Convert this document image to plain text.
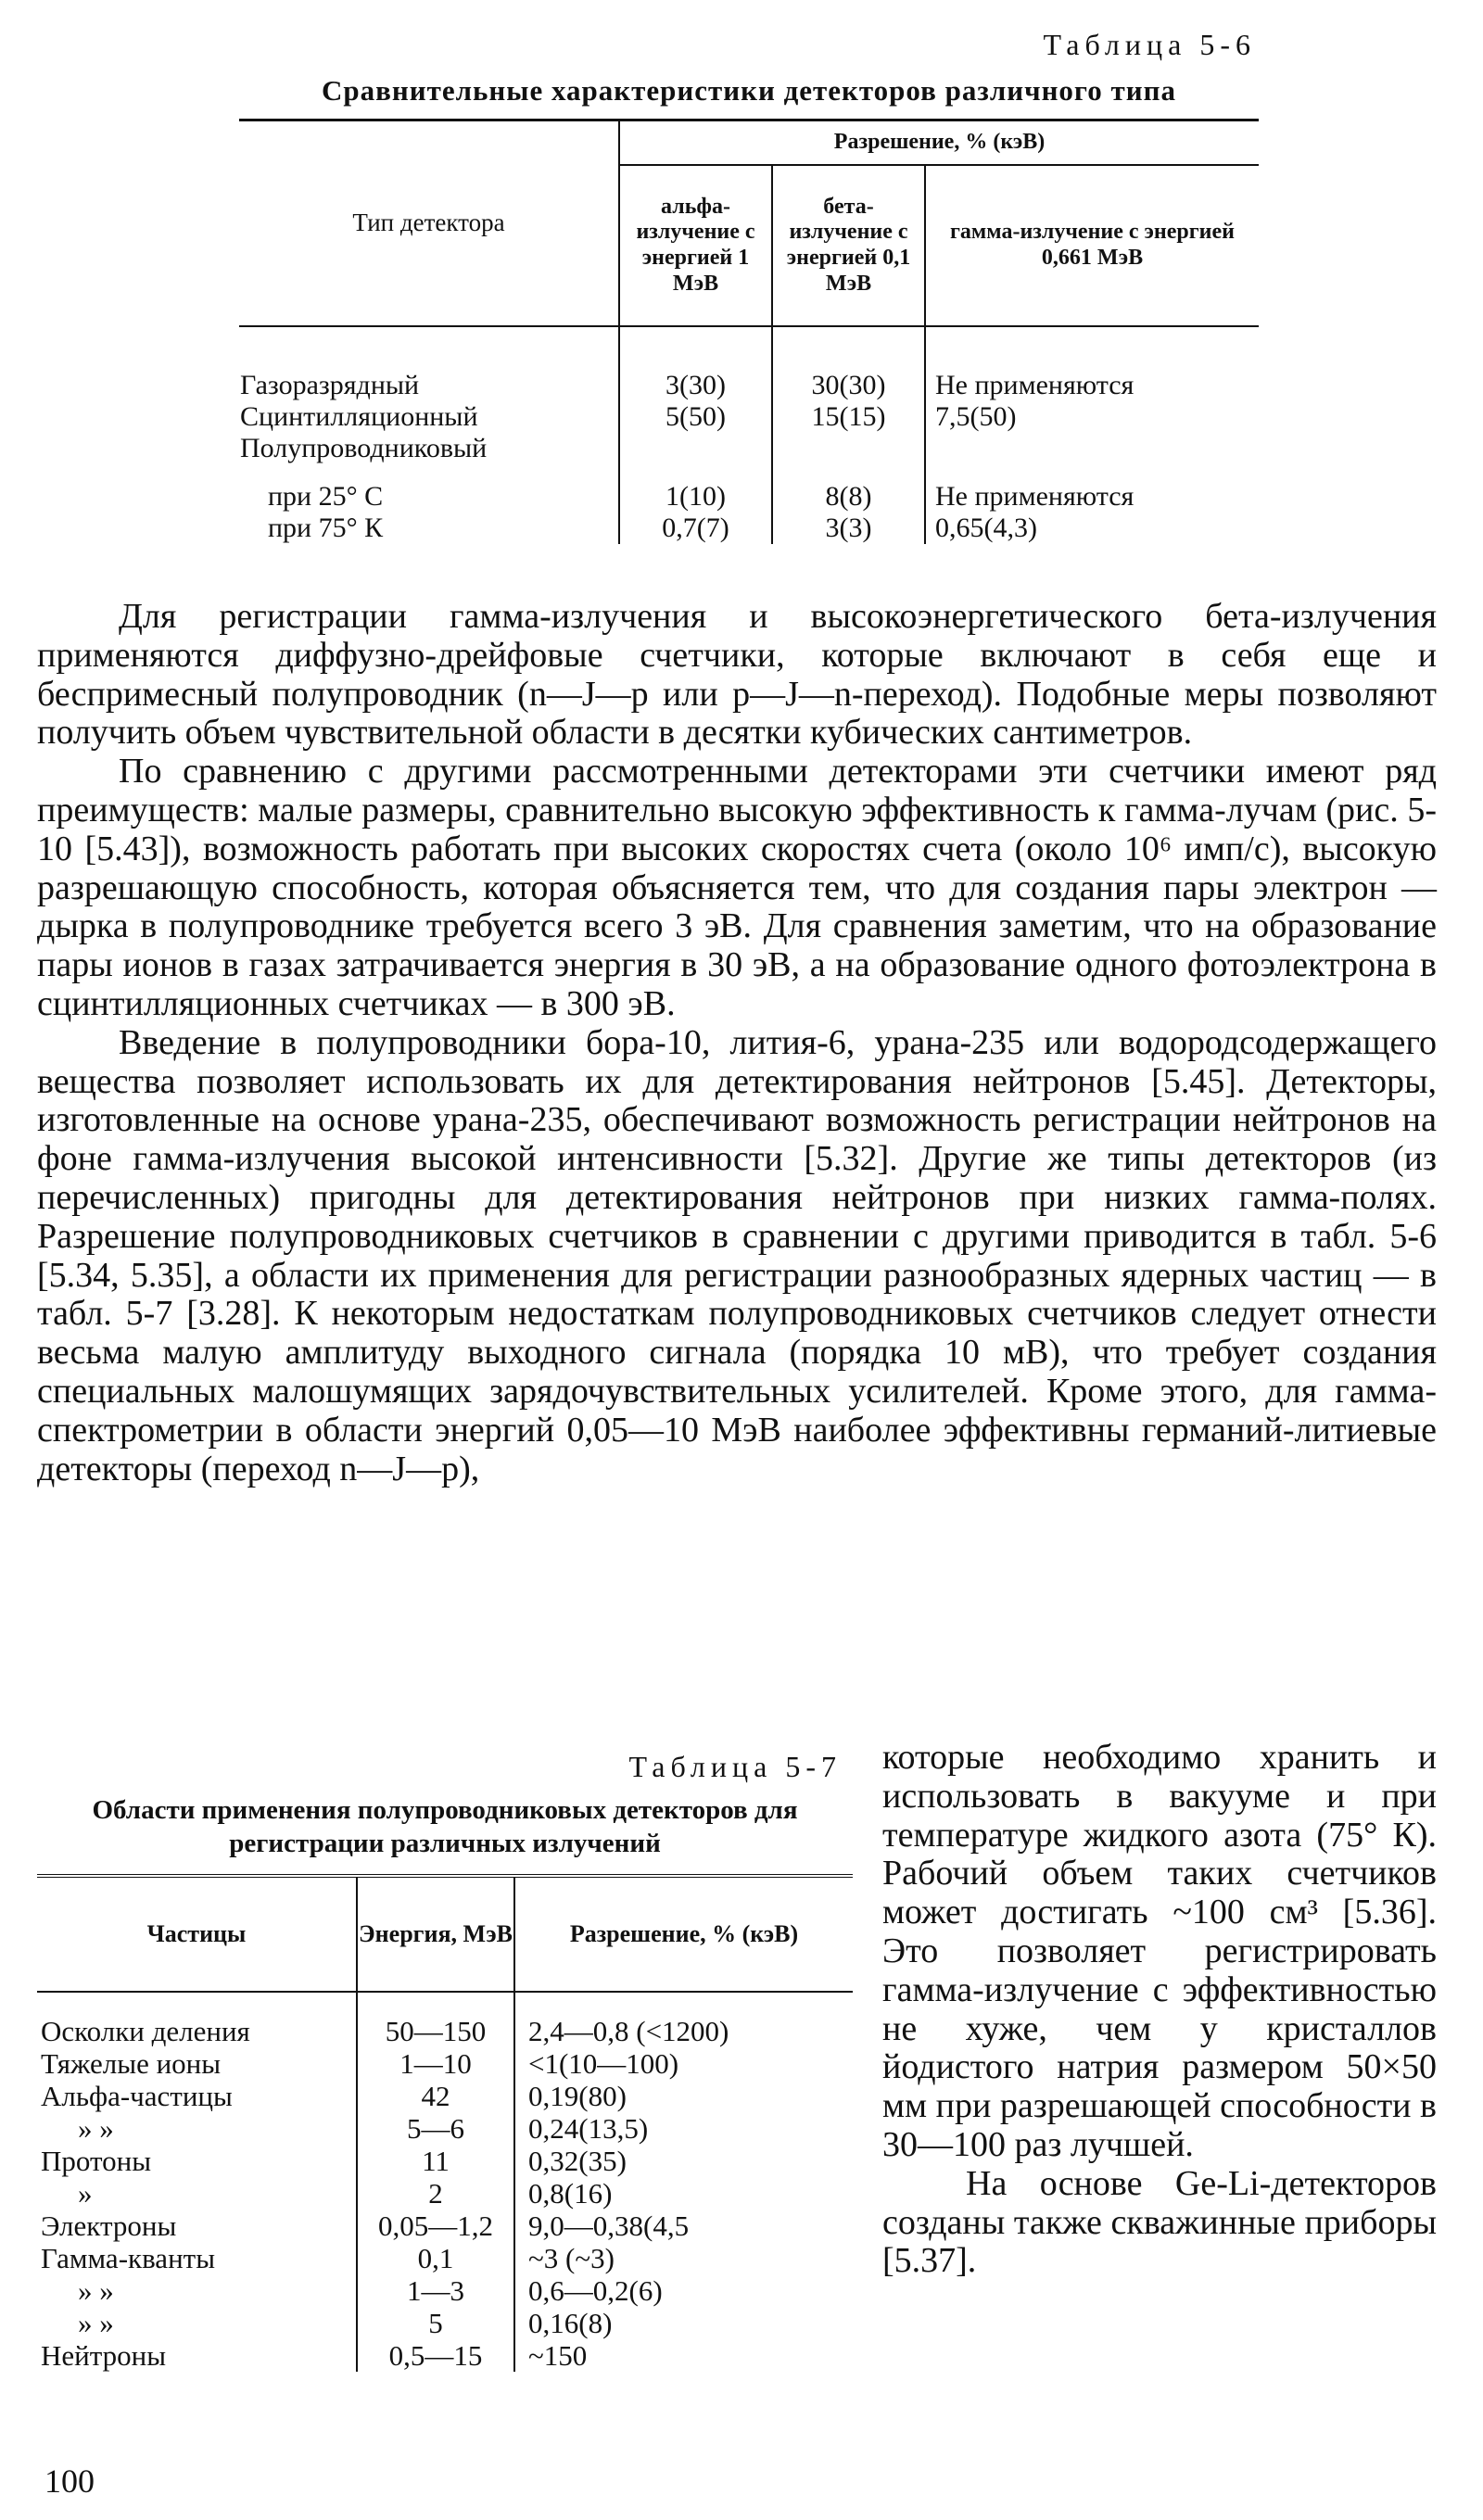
Таблица 5-6
Сравнительные характеристики детекторов различного типа
Тип детектора	Разрешение, % (кэВ)		
	альфа-излучение с энергией 1 МэВ	бета-излучение с энергией 0,1 МэВ	гамма-излучение с энергией 0,661 МэВ
Газоразрядный	3(30)	30(30)	Не применяются
Сцинтилляционный	5(50)	15(15)	7,5(50)
Полупроводниковый			
при 25° С	1(10)	8(8)	Не применяются
при 75° К	0,7(7)	3(3)	0,65(4,3)

Для регистрации гамма-излучения и высокоэнергетического бета-излучения применяются диффузно-дрейфовые счетчики, которые включают в себя еще и беспримесный полупроводник (n—J—p или p—J—n-переход). Подобные меры позволяют получить объем чувствительной области в десятки кубических сантиметров.

По сравнению с другими рассмотренными детекторами эти счетчики имеют ряд преимуществ: малые размеры, сравнительно высокую эффективность к гамма-лучам (рис. 5-10 [5.43]), возможность работать при высоких скоростях счета (около 10⁶ имп/с), высокую разрешающую способность, которая объясняется тем, что для создания пары электрон — дырка в полупроводнике требуется всего 3 эВ. Для сравнения заметим, что на образование пары ионов в газах затрачивается энергия в 30 эВ, а на образование одного фотоэлектрона в сцинтилляционных счетчиках — в 300 эВ.

Введение в полупроводники бора-10, лития-6, урана-235 или водородсодержащего вещества позволяет использовать их для детектирования нейтронов [5.45]. Детекторы, изготовленные на основе урана-235, обеспечивают возможность регистрации нейтронов на фоне гамма-излучения высокой интенсивности [5.32]. Другие же типы детекторов (из перечисленных) пригодны для детектирования нейтронов при низких гамма-полях. Разрешение полупроводниковых счетчиков в сравнении с другими приводится в табл. 5-6 [5.34, 5.35], а области их применения для регистрации разнообразных ядерных частиц — в табл. 5-7 [3.28]. К некоторым недостаткам полупроводниковых счетчиков следует отнести весьма малую амплитуду выходного сигнала (порядка 10 мВ), что требует создания специальных малошумящих зарядочувствительных усилителей. Кроме этого, для гамма-спектрометрии в области энергий 0,05—10 МэВ наиболее эффективны германий-литиевые детекторы (переход n—J—p),

Таблица 5-7
Области применения полупроводниковых детекторов для регистрации различных излучений
Частицы	Энергия, МэВ	Разрешение, % (кэВ)
Осколки деления	50—150	2,4—0,8 (<1200)
Тяжелые ионы	1—10	<1(10—100)
Альфа-частицы	42	0,19(80)
» »	5—6	0,24(13,5)
Протоны	11	0,32(35)
»	2	0,8(16)
Электроны	0,05—1,2	9,0—0,38(4,5
Гамма-кванты	0,1	~3 (~3)
» »	1—3	0,6—0,2(6)
» »	5	0,16(8)
Нейтроны	0,5—15	~150

которые необходимо хранить и использовать в вакууме и при температуре жидкого азота (75° К). Рабочий объем таких счетчиков может достигать ~100 см³ [5.36]. Это позволяет регистрировать гамма-излучение с эффективностью не хуже, чем у кристаллов йодистого натрия размером 50×50 мм при разрешающей способности в 30—100 раз лучшей.

На основе Ge-Li-детекторов созданы также скважинные приборы [5.37].

100
